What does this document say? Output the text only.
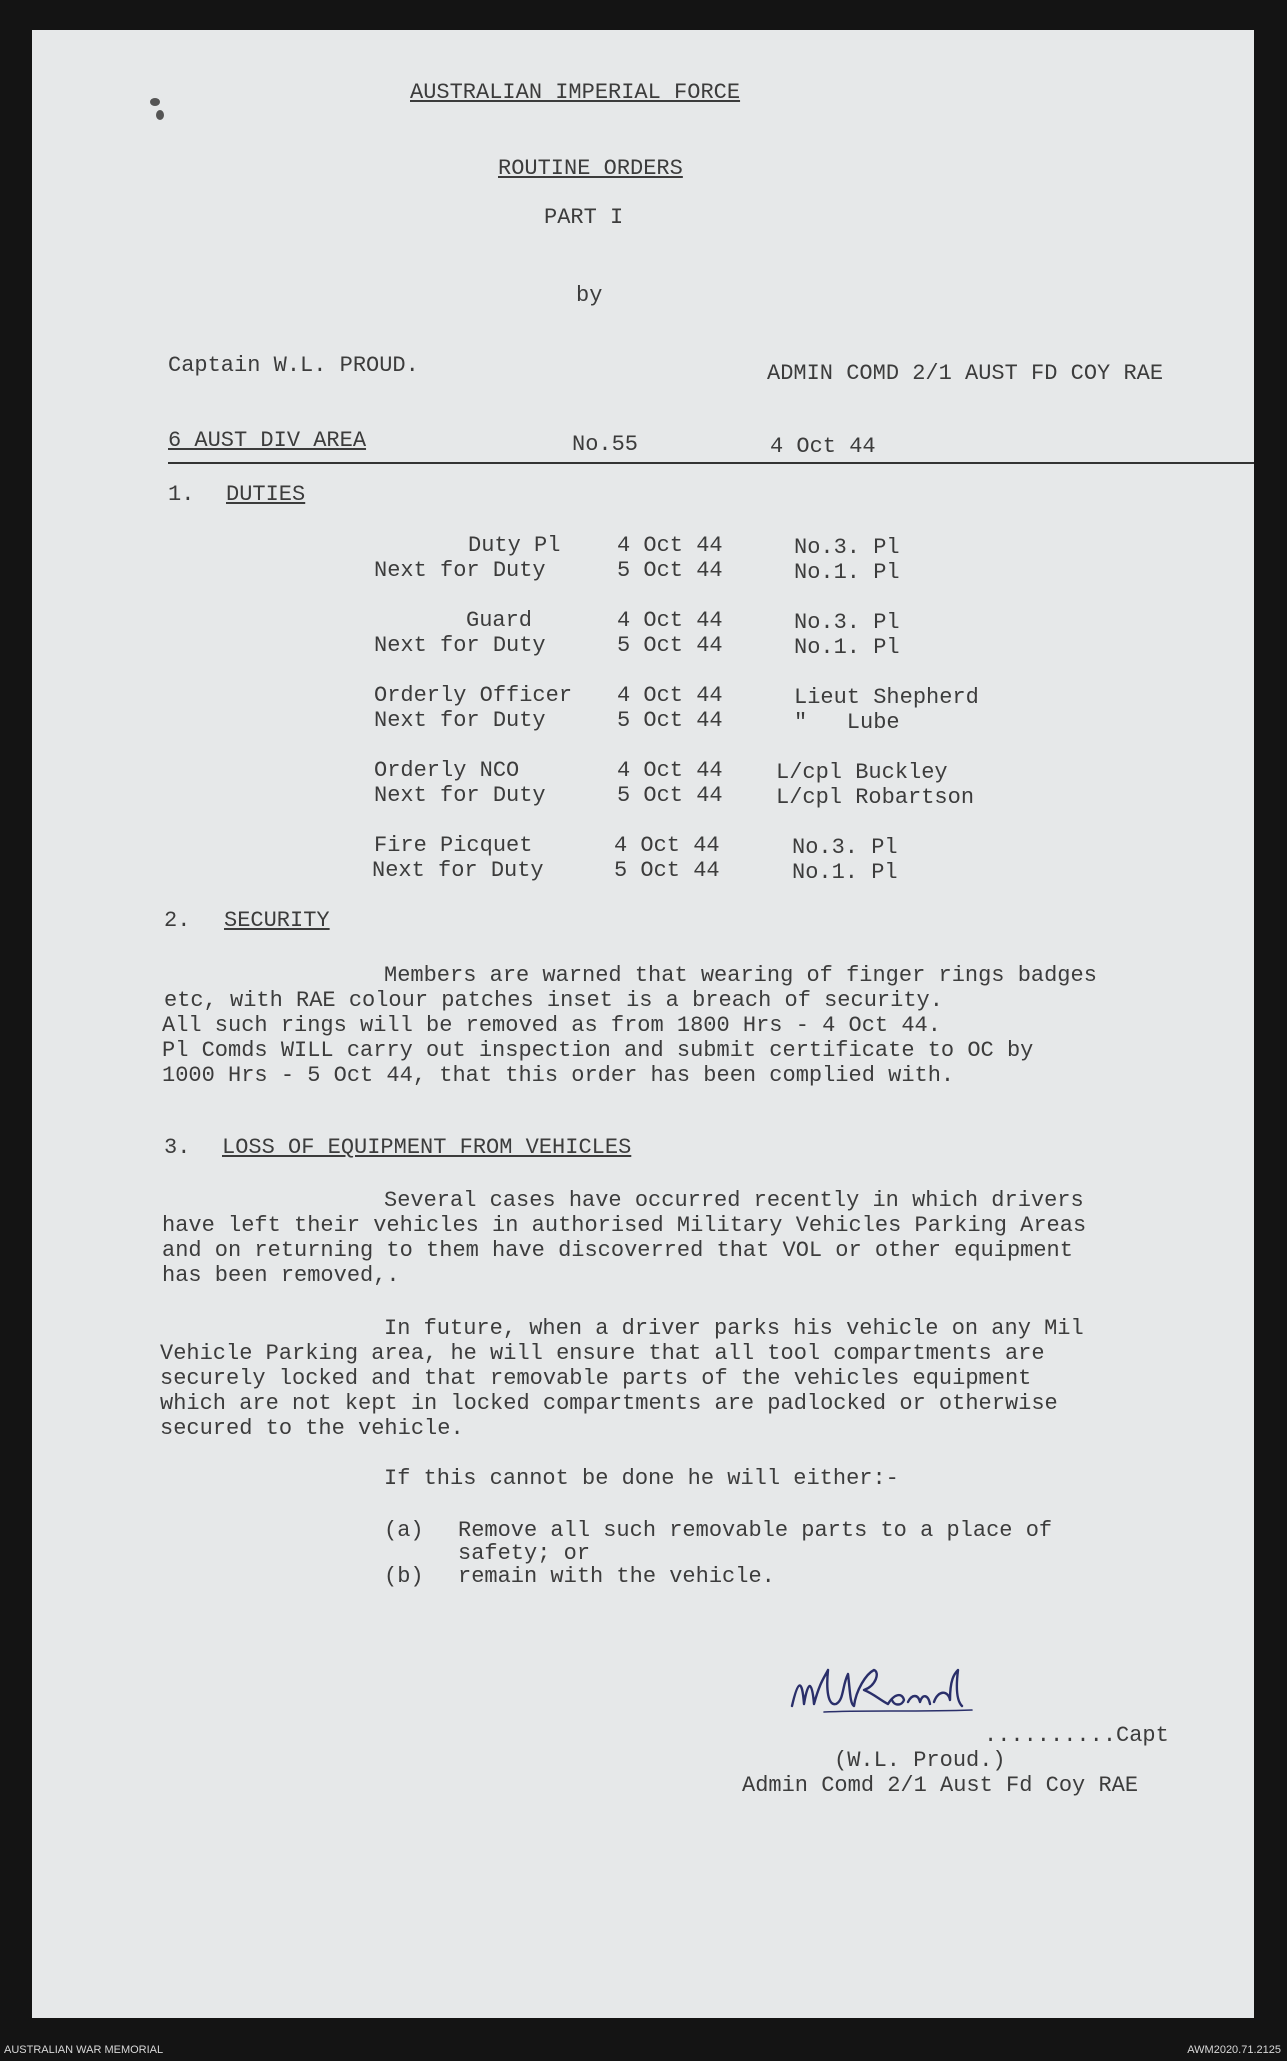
AUSTRALIAN IMPERIAL FORCE
ROUTINE ORDERS
PART I
by
Captain W.L. PROUD.	ADMIN COMD 2/1 AUST FD COY RAE
6 AUST DIV AREA	No.55	4 Oct 44
1. DUTIES
Duty Pl	4 Oct 44	No.3. Pl
Next for Duty	5 Oct 44	No.1. Pl
Guard	4 Oct 44	No.3. Pl
Next for Duty	5 Oct 44	No.1. Pl
Orderly Officer 4 Oct 44	Lieut Shepherd
Next for Duty	5 Oct 44	"   Lube
Orderly NCO	4 Oct 44 L/cpl Buckley
Next for Duty	5 Oct 44 L/cpl Robartson
Fire Picquet	4 Oct 44	No.3. Pl
Next for Duty	5 Oct 44	No.1. Pl
2. SECURITY
Members are warned that wearing of finger rings badges
etc, with RAE colour patches inset is a breach of security.
All such rings will be removed as from 1800 Hrs - 4 Oct 44.
Pl Comds WILL carry out inspection and submit certificate to OC by
1000 Hrs - 5 Oct 44, that this order has been complied with.
3. LOSS OF EQUIPMENT FROM VEHICLES
Several cases have occurred recently in which drivers
have left their vehicles in authorised Military Vehicles Parking Areas
and on returning to them have discoverred that VOL or other equipment
has been removed,.
In future, when a driver parks his vehicle on any Mil
Vehicle Parking area, he will ensure that all tool compartments are
securely locked and that removable parts of the vehicles equipment
which are not kept in locked compartments are padlocked or otherwise
secured to the vehicle.
If this cannot be done he will either:-
(a) Remove all such removable parts to a place of
safety; or
(b) remain with the vehicle.
..........Capt
(W.L. Proud.)
Admin Comd 2/1 Aust Fd Coy RAE
AUSTRALIAN WAR MEMORIAL	AWM2020.71.2125
